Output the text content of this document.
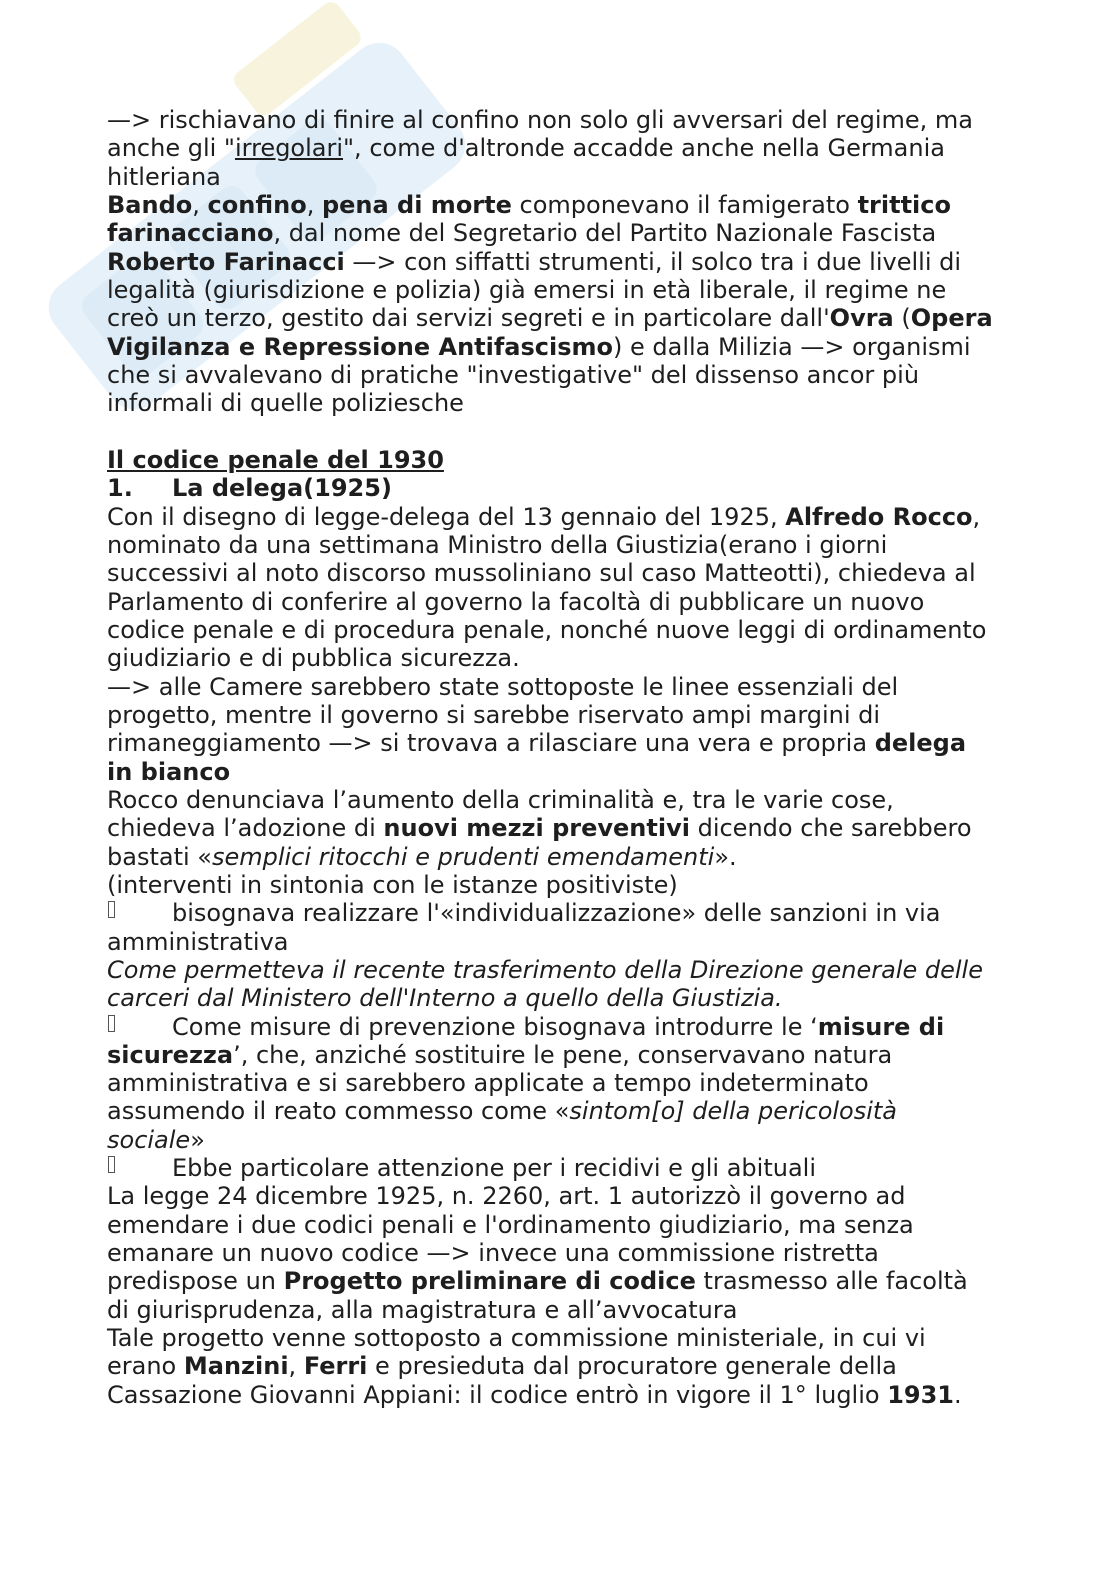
—> rischiavano di finire al confino non solo gli avversari del regime, ma
anche gli "irregolari", come d'altronde accadde anche nella Germania
hitleriana
Bando, confino, pena di morte componevano il famigerato trittico
farinacciano, dal nome del Segretario del Partito Nazionale Fascista
Roberto Farinacci —> con siffatti strumenti, il solco tra i due livelli di
legalità (giurisdizione e polizia) già emersi in età liberale, il regime ne
creò un terzo, gestito dai servizi segreti e in particolare dall'Ovra (Opera
Vigilanza e Repressione Antifascismo) e dalla Milizia —> organismi
che si avvalevano di pratiche "investigative" del dissenso ancor più
informali di quelle poliziesche
Il codice penale del 1930
1. La delega(1925)
Con il disegno di legge-delega del 13 gennaio del 1925, Alfredo Rocco,
nominato da una settimana Ministro della Giustizia(erano i giorni
successivi al noto discorso mussoliniano sul caso Matteotti), chiedeva al
Parlamento di conferire al governo la facoltà di pubblicare un nuovo
codice penale e di procedura penale, nonché nuove leggi di ordinamento
giudiziario e di pubblica sicurezza.
—> alle Camere sarebbero state sottoposte le linee essenziali del
progetto, mentre il governo si sarebbe riservato ampi margini di
rimaneggiamento —> si trovava a rilasciare una vera e propria delega
in bianco
Rocco denunciava l’aumento della criminalità e, tra le varie cose,
chiedeva l’adozione di nuovi mezzi preventivi dicendo che sarebbero
bastati «semplici ritocchi e prudenti emendamenti».
(interventi in sintonia con le istanze positiviste)
bisognava realizzare l'«individualizzazione» delle sanzioni in via
amministrativa
Come permetteva il recente trasferimento della Direzione generale delle
carceri dal Ministero dell'Interno a quello della Giustizia.
Come misure di prevenzione bisognava introdurre le ‘misure di
sicurezza’, che, anziché sostituire le pene, conservavano natura
amministrativa e si sarebbero applicate a tempo indeterminato
assumendo il reato commesso come «sintom[o] della pericolosità
sociale»
Ebbe particolare attenzione per i recidivi e gli abituali
La legge 24 dicembre 1925, n. 2260, art. 1 autorizzò il governo ad
emendare i due codici penali e l'ordinamento giudiziario, ma senza
emanare un nuovo codice —> invece una commissione ristretta
predispose un Progetto preliminare di codice trasmesso alle facoltà
di giurisprudenza, alla magistratura e all’avvocatura
Tale progetto venne sottoposto a commissione ministeriale, in cui vi
erano Manzini, Ferri e presieduta dal procuratore generale della
Cassazione Giovanni Appiani: il codice entrò in vigore il 1° luglio 1931.
